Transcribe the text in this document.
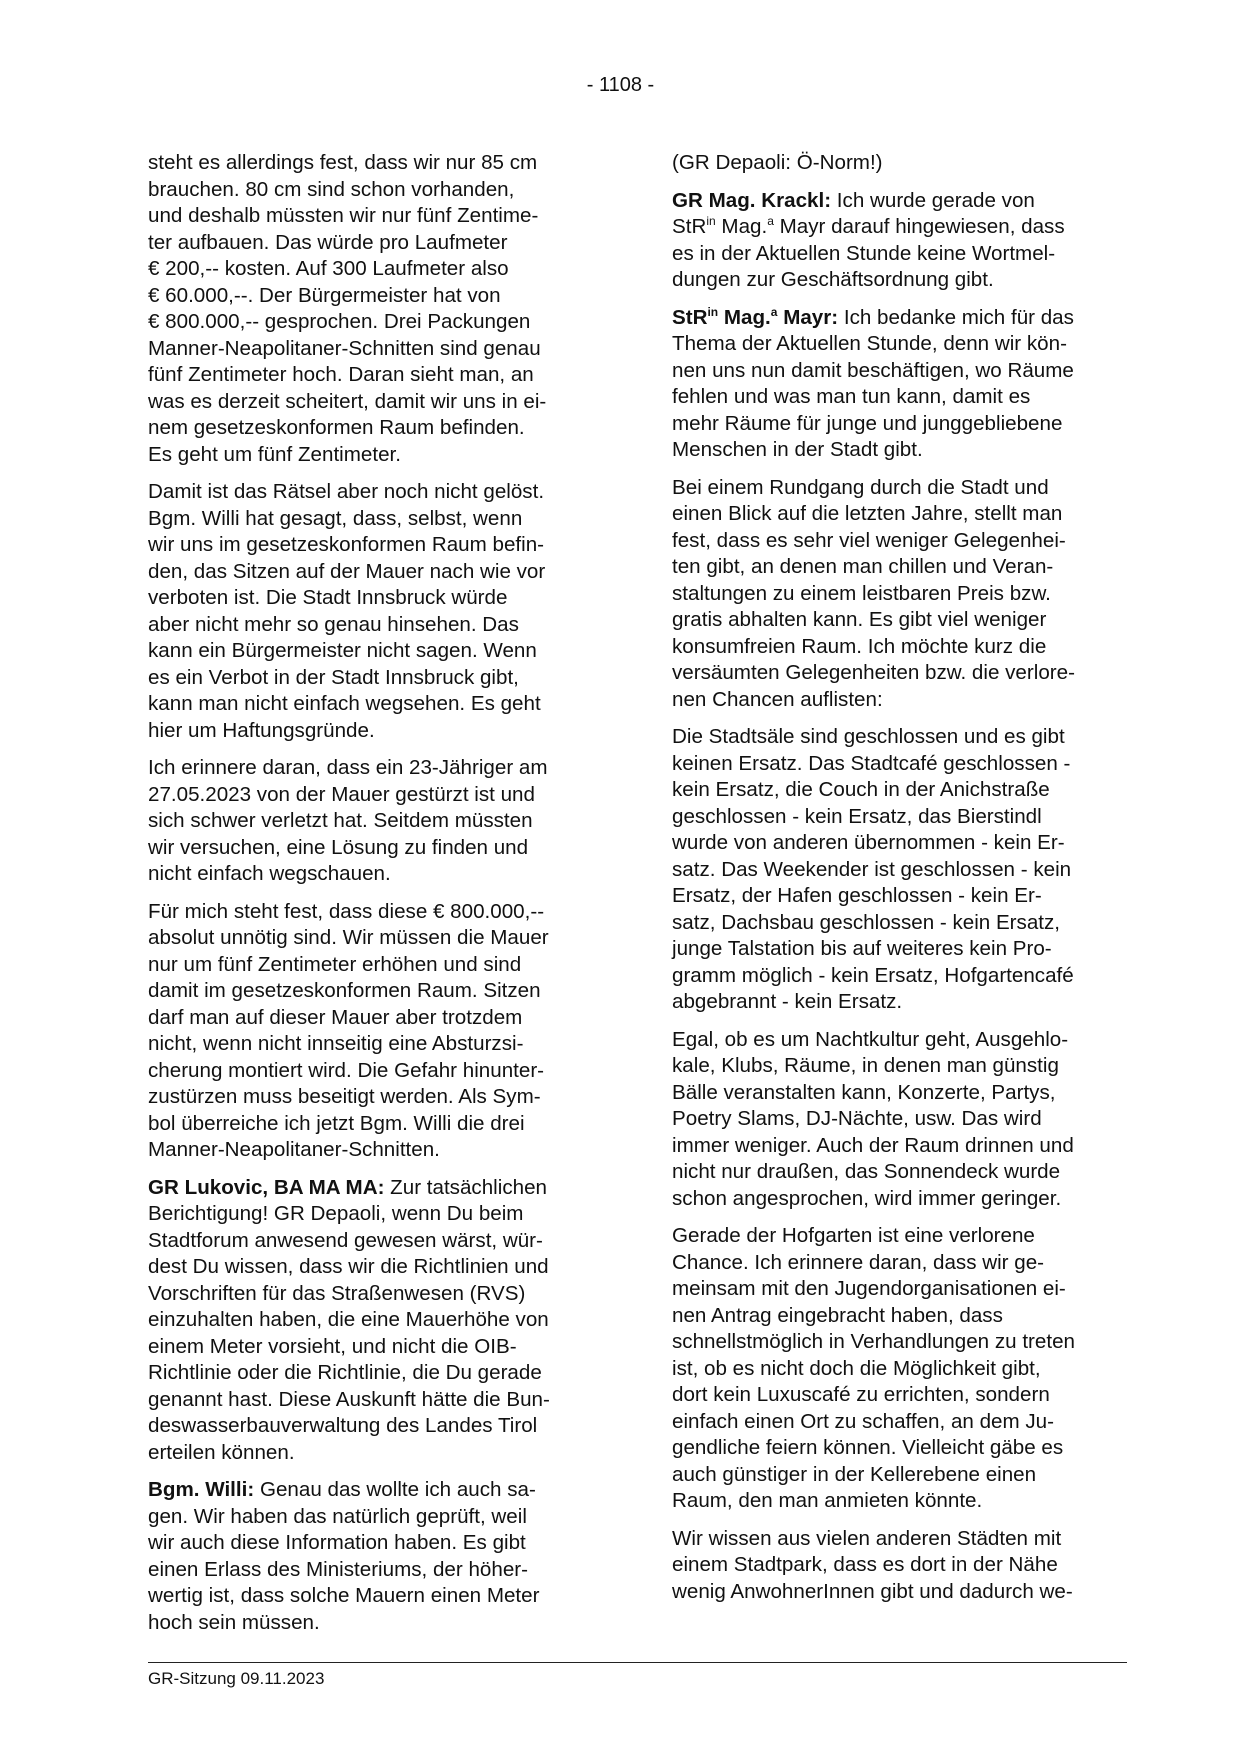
- 1108 -
steht es allerdings fest, dass wir nur 85 cm
brauchen. 80 cm sind schon vorhanden,
und deshalb müssten wir nur fünf Zentime-
ter aufbauen. Das würde pro Laufmeter
€ 200,-- kosten. Auf 300 Laufmeter also
€ 60.000,--. Der Bürgermeister hat von
€ 800.000,-- gesprochen. Drei Packungen
Manner-Neapolitaner-Schnitten sind genau
fünf Zentimeter hoch. Daran sieht man, an
was es derzeit scheitert, damit wir uns in ei-
nem gesetzeskonformen Raum befinden.
Es geht um fünf Zentimeter.
Damit ist das Rätsel aber noch nicht gelöst.
Bgm. Willi hat gesagt, dass, selbst, wenn
wir uns im gesetzeskonformen Raum befin-
den, das Sitzen auf der Mauer nach wie vor
verboten ist. Die Stadt Innsbruck würde
aber nicht mehr so genau hinsehen. Das
kann ein Bürgermeister nicht sagen. Wenn
es ein Verbot in der Stadt Innsbruck gibt,
kann man nicht einfach wegsehen. Es geht
hier um Haftungsgründe.
Ich erinnere daran, dass ein 23-Jähriger am
27.05.2023 von der Mauer gestürzt ist und
sich schwer verletzt hat. Seitdem müssten
wir versuchen, eine Lösung zu finden und
nicht einfach wegschauen.
Für mich steht fest, dass diese € 800.000,--
absolut unnötig sind. Wir müssen die Mauer
nur um fünf Zentimeter erhöhen und sind
damit im gesetzeskonformen Raum. Sitzen
darf man auf dieser Mauer aber trotzdem
nicht, wenn nicht innseitig eine Absturzsi-
cherung montiert wird. Die Gefahr hinunter-
zustürzen muss beseitigt werden. Als Sym-
bol überreiche ich jetzt Bgm. Willi die drei
Manner-Neapolitaner-Schnitten.
GR Lukovic, BA MA MA: Zur tatsächlichen
Berichtigung! GR Depaoli, wenn Du beim
Stadtforum anwesend gewesen wärst, wür-
dest Du wissen, dass wir die Richtlinien und
Vorschriften für das Straßenwesen (RVS)
einzuhalten haben, die eine Mauerhöhe von
einem Meter vorsieht, und nicht die OIB-
Richtlinie oder die Richtlinie, die Du gerade
genannt hast. Diese Auskunft hätte die Bun-
deswasserbauverwaltung des Landes Tirol
erteilen können.
Bgm. Willi: Genau das wollte ich auch sa-
gen. Wir haben das natürlich geprüft, weil
wir auch diese Information haben. Es gibt
einen Erlass des Ministeriums, der höher-
wertig ist, dass solche Mauern einen Meter
hoch sein müssen.
(GR Depaoli: Ö-Norm!)
GR Mag. Krackl: Ich wurde gerade von
StR$^{in}$ Mag.$^a$ Mayr darauf hingewiesen, dass
es in der Aktuellen Stunde keine Wortmel-
dungen zur Geschäftsordnung gibt.
StR$^{in}$ Mag.$^a$ Mayr: Ich bedanke mich für das
Thema der Aktuellen Stunde, denn wir kön-
nen uns nun damit beschäftigen, wo Räume
fehlen und was man tun kann, damit es
mehr Räume für junge und junggebliebene
Menschen in der Stadt gibt.
Bei einem Rundgang durch die Stadt und
einen Blick auf die letzten Jahre, stellt man
fest, dass es sehr viel weniger Gelegenhei-
ten gibt, an denen man chillen und Veran-
staltungen zu einem leistbaren Preis bzw.
gratis abhalten kann. Es gibt viel weniger
konsumfreien Raum. Ich möchte kurz die
versäumten Gelegenheiten bzw. die verlore-
nen Chancen auflisten:
Die Stadtsäle sind geschlossen und es gibt
keinen Ersatz. Das Stadtcafé geschlossen -
kein Ersatz, die Couch in der Anichstraße
geschlossen - kein Ersatz, das Bierstindl
wurde von anderen übernommen - kein Er-
satz. Das Weekender ist geschlossen - kein
Ersatz, der Hafen geschlossen - kein Er-
satz, Dachsbau geschlossen - kein Ersatz,
junge Talstation bis auf weiteres kein Pro-
gramm möglich - kein Ersatz, Hofgartencafé
abgebrannt - kein Ersatz.
Egal, ob es um Nachtkultur geht, Ausgehlo-
kale, Klubs, Räume, in denen man günstig
Bälle veranstalten kann, Konzerte, Partys,
Poetry Slams, DJ-Nächte, usw. Das wird
immer weniger. Auch der Raum drinnen und
nicht nur draußen, das Sonnendeck wurde
schon angesprochen, wird immer geringer.
Gerade der Hofgarten ist eine verlorene
Chance. Ich erinnere daran, dass wir ge-
meinsam mit den Jugendorganisationen ei-
nen Antrag eingebracht haben, dass
schnellstmöglich in Verhandlungen zu treten
ist, ob es nicht doch die Möglichkeit gibt,
dort kein Luxuscafé zu errichten, sondern
einfach einen Ort zu schaffen, an dem Ju-
gendliche feiern können. Vielleicht gäbe es
auch günstiger in der Kellerebene einen
Raum, den man anmieten könnte.
Wir wissen aus vielen anderen Städten mit
einem Stadtpark, dass es dort in der Nähe
wenig AnwohnerInnen gibt und dadurch we-
GR-Sitzung 09.11.2023
